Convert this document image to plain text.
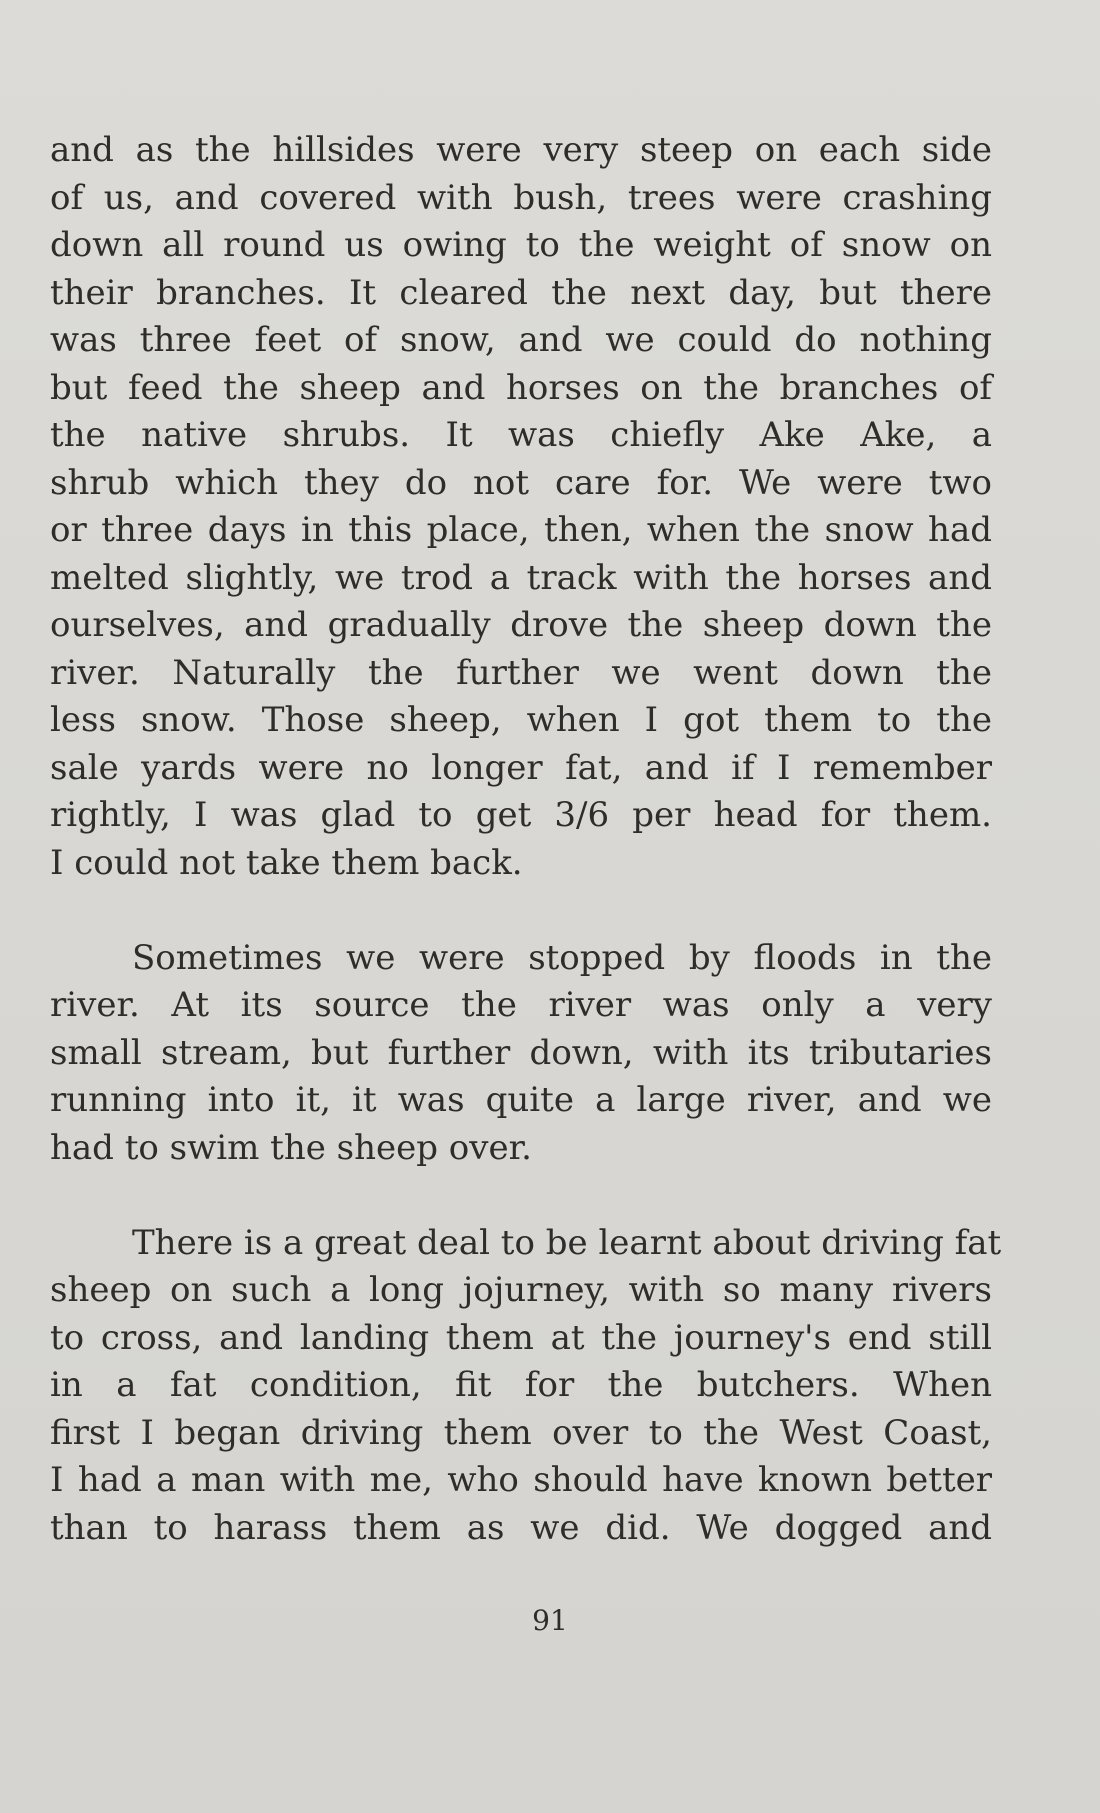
and as the hillsides were very steep on each side
of us, and covered with bush, trees were crashing
down all round us owing to the weight of snow on
their branches. It cleared the next day, but there
was three feet of snow, and we could do nothing
but feed the sheep and horses on the branches of
the native shrubs. It was chiefly Ake Ake, a
shrub which they do not care for. We were two
or three days in this place, then, when the snow had
melted slightly, we trod a track with the horses and
ourselves, and gradually drove the sheep down the
river. Naturally the further we went down the
less snow. Those sheep, when I got them to the
sale yards were no longer fat, and if I remember
rightly, I was glad to get 3/6 per head for them.
I could not take them back.
Sometimes we were stopped by floods in the
river. At its source the river was only a very
small stream, but further down, with its tributaries
running into it, it was quite a large river, and we
had to swim the sheep over.
There is a great deal to be learnt about driving fat
sheep on such a long jojurney, with so many rivers
to cross, and landing them at the journey's end still
in a fat condition, fit for the butchers. When
first I began driving them over to the West Coast,
I had a man with me, who should have known better
than to harass them as we did. We dogged and
91
